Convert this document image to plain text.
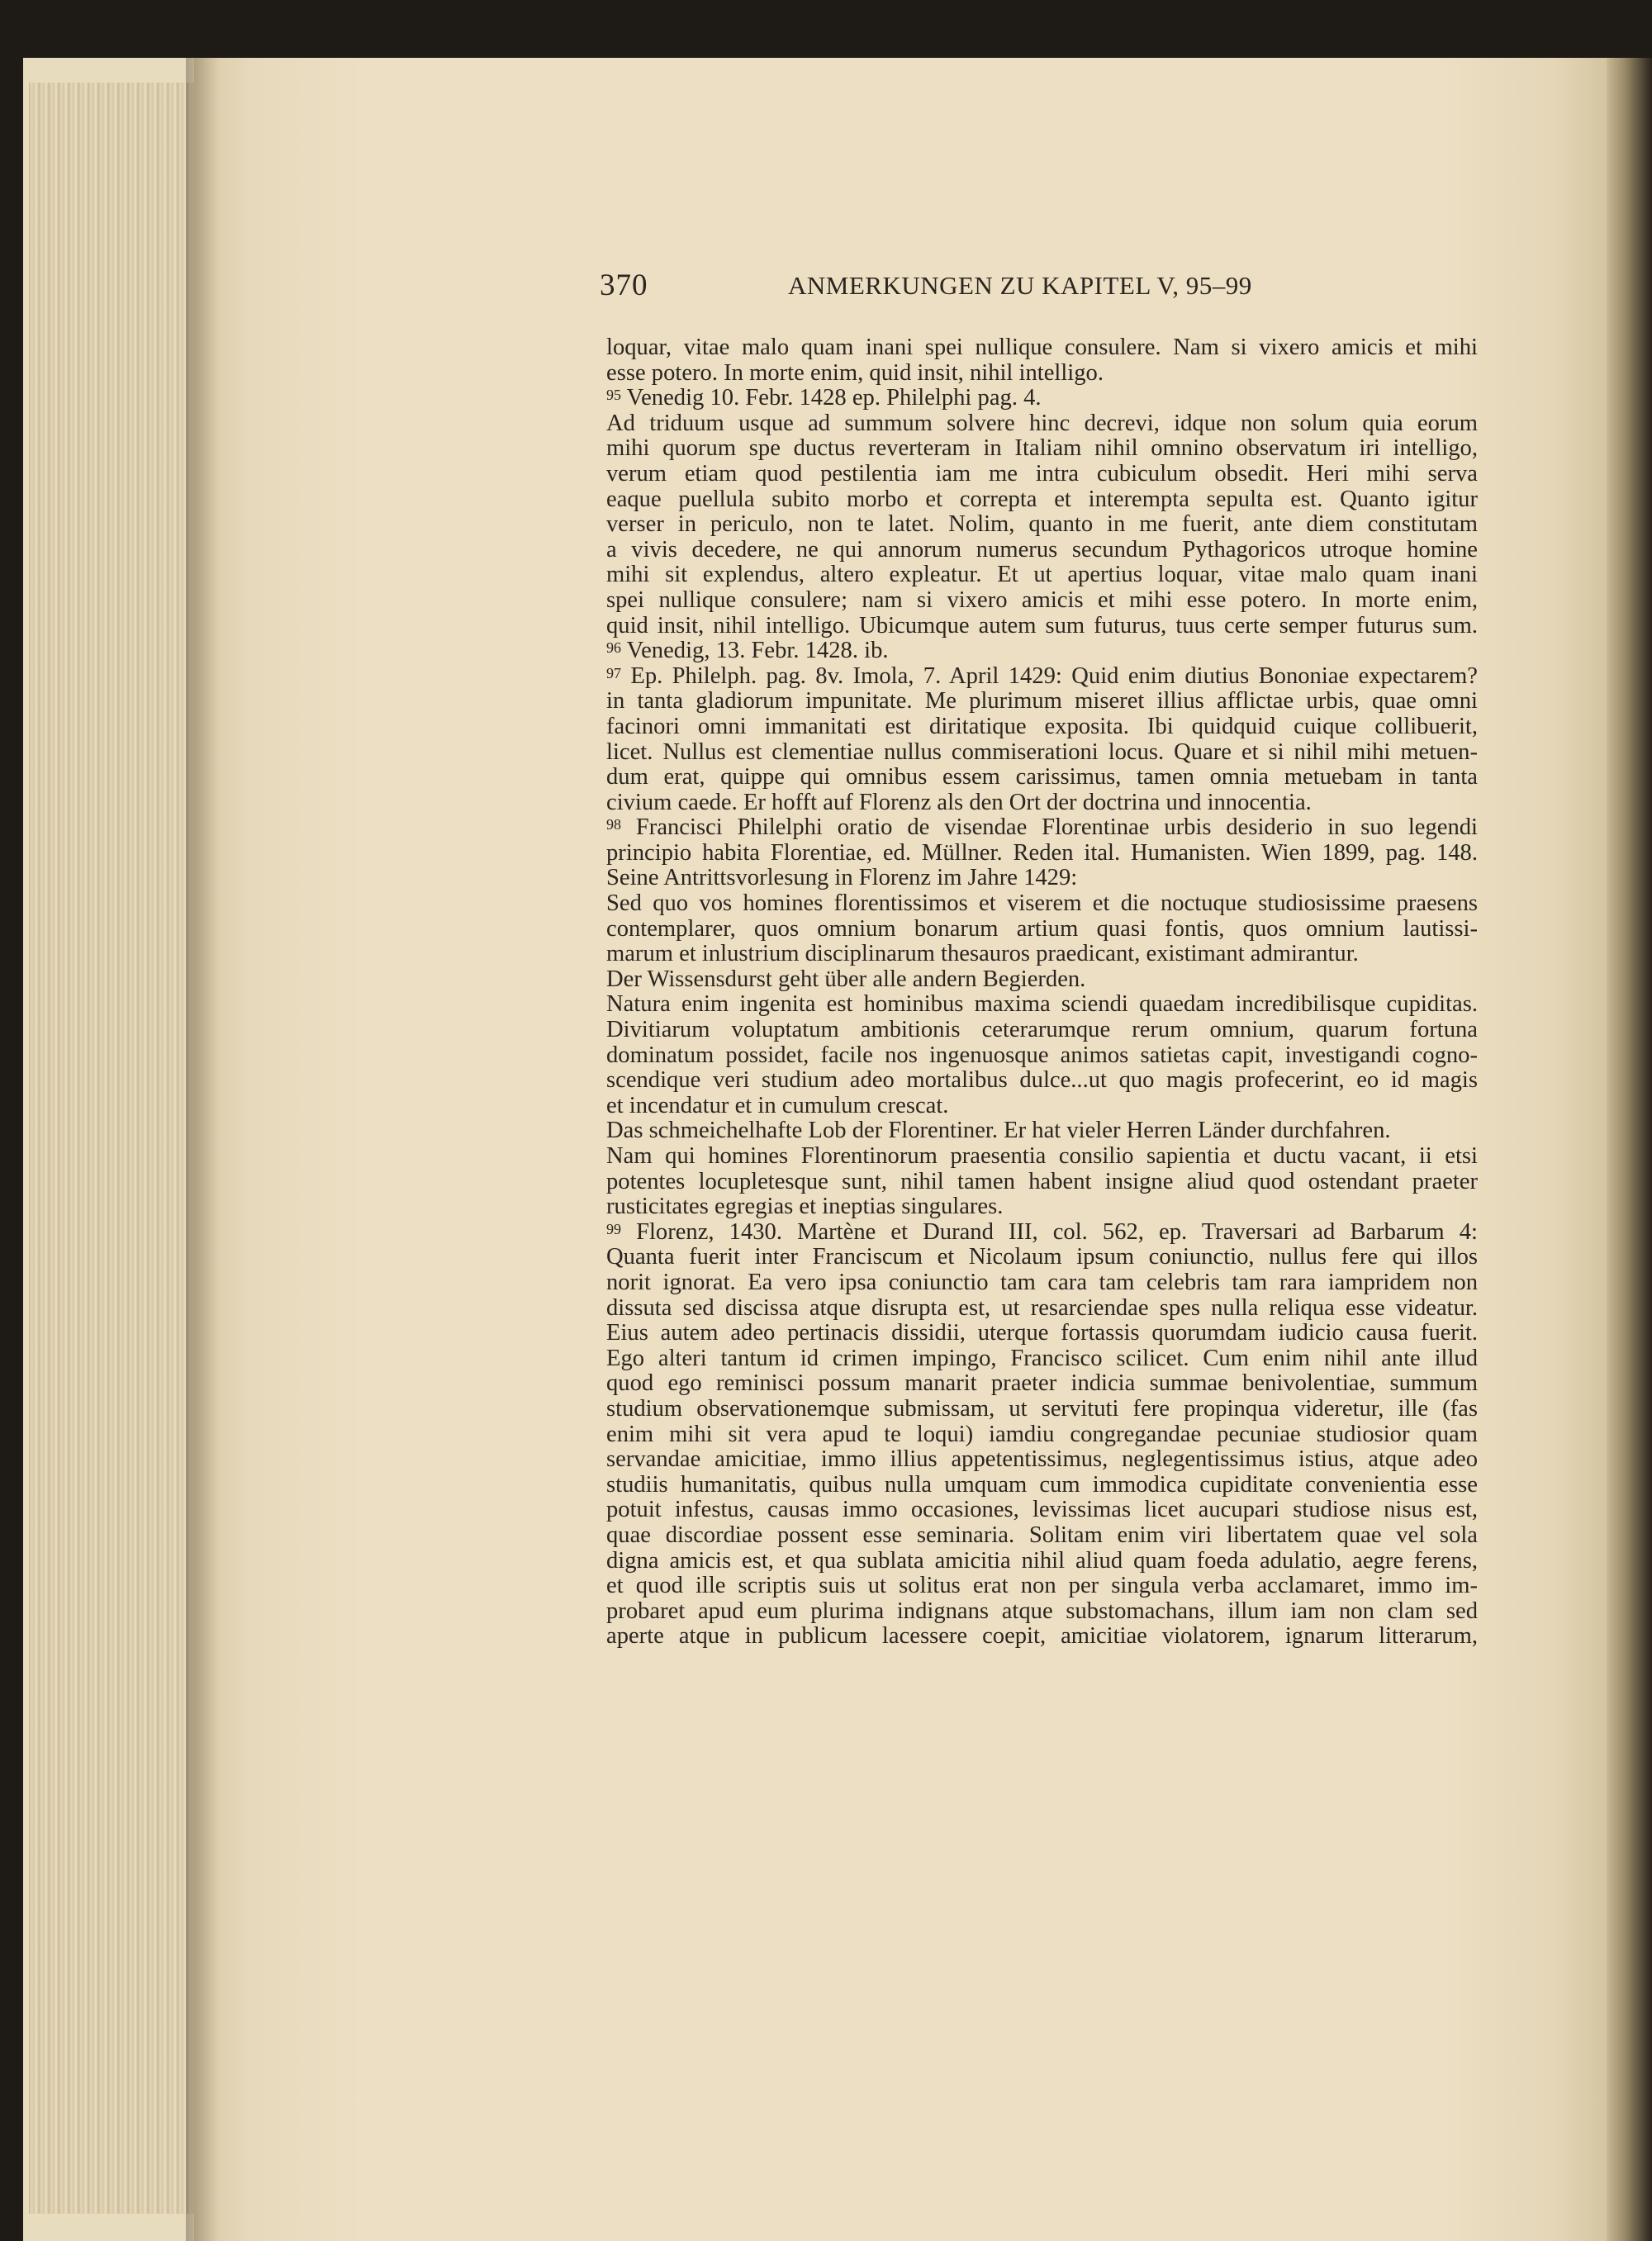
370	ANMERKUNGEN ZU KAPITEL V, 95–99
loquar, vitae malo quam inani spei nullique consulere. Nam si vixero amicis et mihi
esse potero. In morte enim, quid insit, nihil intelligo.
$^{95}$ Venedig 10. Febr. 1428 ep. Philelphi pag. 4.
Ad triduum usque ad summum solvere hinc decrevi, idque non solum quia eorum
mihi quorum spe ductus reverteram in Italiam nihil omnino observatum iri intelligo,
verum etiam quod pestilentia iam me intra cubiculum obsedit. Heri mihi serva
eaque puellula subito morbo et correpta et interempta sepulta est. Quanto igitur
verser in periculo, non te latet. Nolim, quanto in me fuerit, ante diem constitutam
a vivis decedere, ne qui annorum numerus secundum Pythagoricos utroque homine
mihi sit explendus, altero expleatur. Et ut apertius loquar, vitae malo quam inani
spei nullique consulere; nam si vixero amicis et mihi esse potero. In morte enim,
quid insit, nihil intelligo. Ubicumque autem sum futurus, tuus certe semper futurus sum.
$^{96}$ Venedig, 13. Febr. 1428. ib.
$^{97}$ Ep. Philelph. pag. 8v. Imola, 7. April 1429: Quid enim diutius Bononiae expectarem?
in tanta gladiorum impunitate. Me plurimum miseret illius afflictae urbis, quae omni
facinori omni immanitati est diritatique exposita. Ibi quidquid cuique collibuerit,
licet. Nullus est clementiae nullus commiserationi locus. Quare et si nihil mihi metuen-
dum erat, quippe qui omnibus essem carissimus, tamen omnia metuebam in tanta
civium caede. Er hofft auf Florenz als den Ort der doctrina und innocentia.
$^{98}$ Francisci Philelphi oratio de visendae Florentinae urbis desiderio in suo legendi
principio habita Florentiae, ed. Müllner. Reden ital. Humanisten. Wien 1899, pag. 148.
Seine Antrittsvorlesung in Florenz im Jahre 1429:
Sed quo vos homines florentissimos et viserem et die noctuque studiosissime praesens
contemplarer, quos omnium bonarum artium quasi fontis, quos omnium lautissi-
marum et inlustrium disciplinarum thesauros praedicant, existimant admirantur.
Der Wissensdurst geht über alle andern Begierden.
Natura enim ingenita est hominibus maxima sciendi quaedam incredibilisque cupiditas.
Divitiarum voluptatum ambitionis ceterarumque rerum omnium, quarum fortuna
dominatum possidet, facile nos ingenuosque animos satietas capit, investigandi cogno-
scendique veri studium adeo mortalibus dulce...ut quo magis profecerint, eo id magis
et incendatur et in cumulum crescat.
Das schmeichelhafte Lob der Florentiner. Er hat vieler Herren Länder durchfahren.
Nam qui homines Florentinorum praesentia consilio sapientia et ductu vacant, ii etsi
potentes locupletesque sunt, nihil tamen habent insigne aliud quod ostendant praeter
rusticitates egregias et ineptias singulares.
$^{99}$ Florenz, 1430. Martène et Durand III, col. 562, ep. Traversari ad Barbarum 4:
Quanta fuerit inter Franciscum et Nicolaum ipsum coniunctio, nullus fere qui illos
norit ignorat. Ea vero ipsa coniunctio tam cara tam celebris tam rara iampridem non
dissuta sed discissa atque disrupta est, ut resarciendae spes nulla reliqua esse videatur.
Eius autem adeo pertinacis dissidii, uterque fortassis quorumdam iudicio causa fuerit.
Ego alteri tantum id crimen impingo, Francisco scilicet. Cum enim nihil ante illud
quod ego reminisci possum manarit praeter indicia summae benivolentiae, summum
studium observationemque submissam, ut servituti fere propinqua videretur, ille (fas
enim mihi sit vera apud te loqui) iamdiu congregandae pecuniae studiosior quam
servandae amicitiae, immo illius appetentissimus, neglegentissimus istius, atque adeo
studiis humanitatis, quibus nulla umquam cum immodica cupiditate convenientia esse
potuit infestus, causas immo occasiones, levissimas licet aucupari studiose nisus est,
quae discordiae possent esse seminaria. Solitam enim viri libertatem quae vel sola
digna amicis est, et qua sublata amicitia nihil aliud quam foeda adulatio, aegre ferens,
et quod ille scriptis suis ut solitus erat non per singula verba acclamaret, immo im-
probaret apud eum plurima indignans atque substomachans, illum iam non clam sed
aperte atque in publicum lacessere coepit, amicitiae violatorem, ignarum litterarum,
